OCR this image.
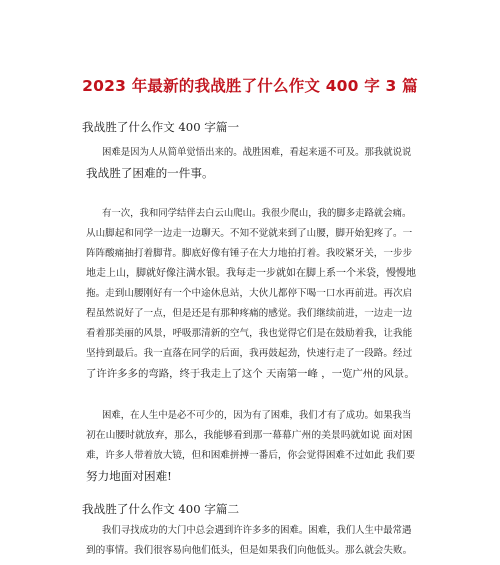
2023 年最新的我战胜了什么作文 400 字 3 篇
我战胜了什么作文 400 字篇一
困难是因为人从简单觉悟出来的。战胜困难，看起来遥不可及。那我就说说
我战胜了困难的一件事。
有一次，我和同学结伴去白云山爬山。我很少爬山，我的脚多走路就会痛。
从山脚起和同学一边走一边聊天。不知不觉就来到了山腰，脚开始犯疼了。一
阵阵酸痛抽打着脚背。脚底好像有锤子在大力地拍打着。我咬紧牙关，一步步
地走上山，脚就好像注满水银。我每走一步就如在脚上系一个米袋，慢慢地
拖。走到山腰刚好有一个中途休息站，大伙儿都停下喝一口水再前进。再次启
程虽然说好了一点，但是还是有那种疼痛的感觉。我们继续前进，一边走一边
看着那美丽的风景，呼吸那清新的空气，我也觉得它们是在鼓励着我，让我能
坚持到最后。我一直落在同学的后面，我再鼓起劲，快速行走了一段路。经过
了许许多多的弯路，终于我走上了这个 天南第一峰 ，一览广州的风景。
困难，在人生中是必不可少的，因为有了困难，我们才有了成功。如果我当
初在山腰时就放弃，那么，我能够看到那一幕幕广州的美景吗就如说 面对困
难，许多人带着放大镜，但和困难拼搏一番后，你会觉得困难不过如此 我们要
努力地面对困难!
我战胜了什么作文 400 字篇二
我们寻找成功的大门中总会遇到许许多多的困难。困难，我们人生中最常遇
到的事情。我们很容易向他们低头，但是如果我们向他低头。那么就会失败。
